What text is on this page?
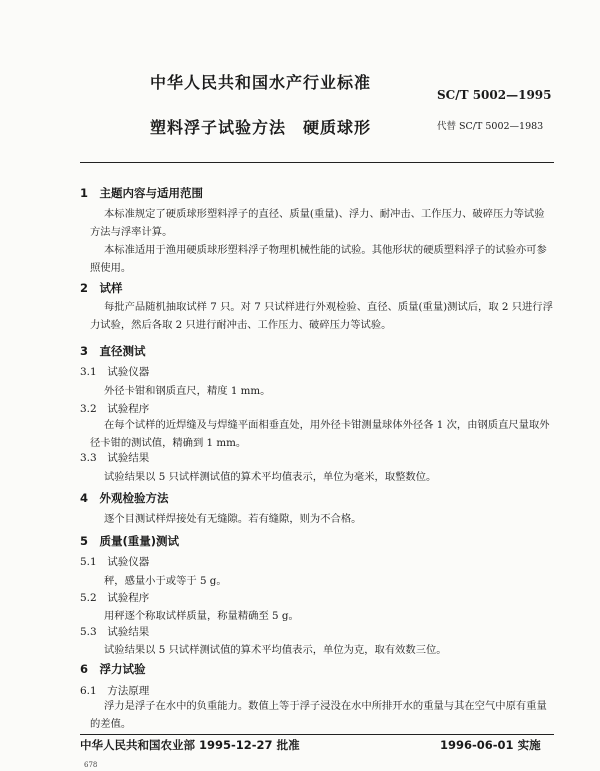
中华人民共和国水产行业标准
SC/T 5002—1995
塑料浮子试验方法　硬质球形	代替 SC/T 5002—1983
1　主题内容与适用范围
本标准规定了硬质球形塑料浮子的直径、质量(重量)、浮力、耐冲击、工作压力、破碎压力等试验方法与浮率计算。
本标准适用于渔用硬质球形塑料浮子物理机械性能的试验。其他形状的硬质塑料浮子的试验亦可参照使用。
2　试样
每批产品随机抽取试样 7 只。对 7 只试样进行外观检验、直径、质量(重量)测试后，取 2 只进行浮力试验，然后各取 2 只进行耐冲击、工作压力、破碎压力等试验。
3　直径测试
3.1　试验仪器
外径卡钳和钢质直尺，精度 1 mm。
3.2　试验程序
在每个试样的近焊缝及与焊缝平面相垂直处，用外径卡钳测量球体外径各 1 次，由钢质直尺量取外径卡钳的测试值，精确到 1 mm。
3.3　试验结果
试验结果以 5 只试样测试值的算术平均值表示，单位为毫米，取整数位。
4　外观检验方法
逐个目测试样焊接处有无缝隙。若有缝隙，则为不合格。
5　质量(重量)测试
5.1　试验仪器
秤，感量小于或等于 5 g。
5.2　试验程序
用秤逐个称取试样质量，称量精确至 5 g。
5.3　试验结果
试验结果以 5 只试样测试值的算术平均值表示，单位为克，取有效数三位。
6　浮力试验
6.1　方法原理
浮力是浮子在水中的负重能力。数值上等于浮子浸没在水中所排开水的重量与其在空气中原有重量的差值。
中华人民共和国农业部 1995-12-27 批准	1996-06-01 实施
678
